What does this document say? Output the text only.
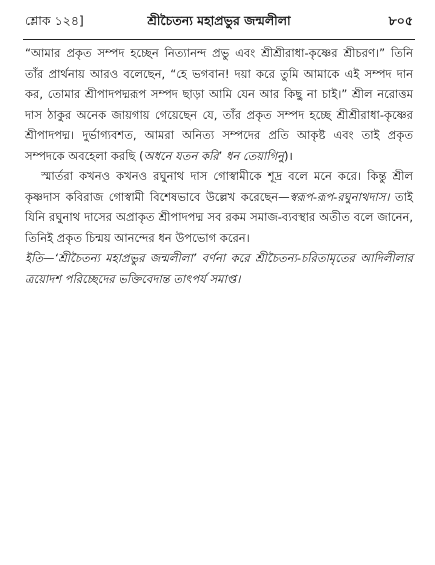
শ্লোক ১২৪]	শ্রীচৈতন্য মহাপ্রভুর জন্মলীলা	৮০৫

“আমার প্রকৃত সম্পদ হচ্ছেন নিত্যানন্দ প্রভু এবং শ্রীশ্রীরাধা-কৃষ্ণের শ্রীচরণ।” তিনি তাঁর প্রার্থনায় আরও বলেছেন, “হে ভগবান! দয়া করে তুমি আমাকে এই সম্পদ দান কর, তোমার শ্রীপাদপদ্মরূপ সম্পদ ছাড়া আমি যেন আর কিছু না চাই।” শ্রীল নরোত্তম দাস ঠাকুর অনেক জায়গায় গেয়েছেন যে, তাঁর প্রকৃত সম্পদ হচ্ছে শ্রীশ্রীরাধা-কৃষ্ণের শ্রীপাদপদ্ম। দুর্ভাগ্যবশত, আমরা অনিত্য সম্পদের প্রতি আকৃষ্ট এবং তাই প্রকৃত সম্পদকে অবহেলা করছি (অধনে যতন করি’ ধন তেয়াগিনু)।

স্মার্তরা কখনও কখনও রঘুনাথ দাস গোস্বামীকে শূদ্র বলে মনে করে। কিন্তু শ্রীল কৃষ্ণদাস কবিরাজ গোস্বামী বিশেষভাবে উল্লেখ করেছেন—স্বরূপ-রূপ-রঘুনাথদাস। তাই যিনি রঘুনাথ দাসের অপ্রাকৃত শ্রীপাদপদ্ম সব রকম সমাজ-ব্যবস্থার অতীত বলে জানেন, তিনিই প্রকৃত চিন্ময় আনন্দের ধন উপভোগ করেন।

ইতি—‘শ্রীচৈতন্য মহাপ্রভুর জন্মলীলা’ বর্ণনা করে শ্রীচৈতন্য-চরিতামৃতের আদিলীলার ত্রয়োদশ পরিচ্ছেদের ভক্তিবেদান্ত তাৎপর্য সমাপ্ত।
